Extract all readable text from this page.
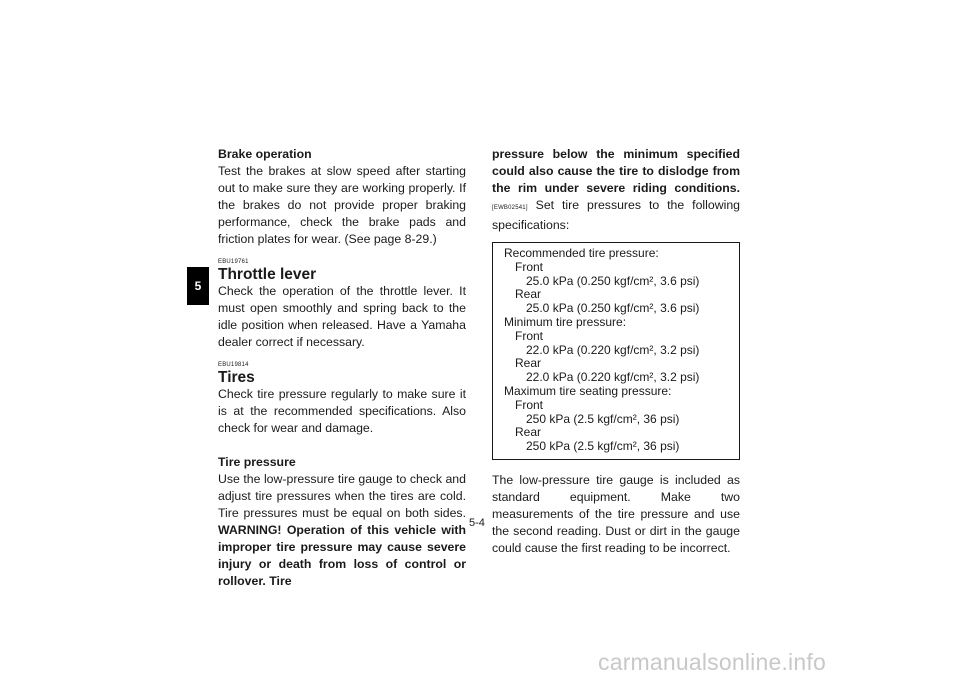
5

Brake operation

Test the brakes at slow speed after starting out to make sure they are working properly. If the brakes do not provide proper braking performance, check the brake pads and friction plates for wear. (See page 8-29.)

EBU19761
Throttle lever

Check the operation of the throttle lever. It must open smoothly and spring back to the idle position when released. Have a Yamaha dealer correct if necessary.

EBU19814
Tires

Check tire pressure regularly to make sure it is at the recommended specifications. Also check for wear and damage.

Tire pressure

Use the low-pressure tire gauge to check and adjust tire pressures when the tires are cold. Tire pressures must be equal on both sides. WARNING! Operation of this vehicle with improper tire pressure may cause severe injury or death from loss of control or rollover. Tire

pressure below the minimum specified could also cause the tire to dislodge from the rim under severe riding conditions. [EWB02541] Set tire pressures to the following specifications:

Recommended tire pressure:
Front
25.0 kPa (0.250 kgf/cm², 3.6 psi)
Rear
25.0 kPa (0.250 kgf/cm², 3.6 psi)
Minimum tire pressure:
Front
22.0 kPa (0.220 kgf/cm², 3.2 psi)
Rear
22.0 kPa (0.220 kgf/cm², 3.2 psi)
Maximum tire seating pressure:
Front
250 kPa (2.5 kgf/cm², 36 psi)
Rear
250 kPa (2.5 kgf/cm², 36 psi)

The low-pressure tire gauge is included as standard equipment. Make two measurements of the tire pressure and use the second reading. Dust or dirt in the gauge could cause the first reading to be incorrect.

5-4
carmanualsonline.info
